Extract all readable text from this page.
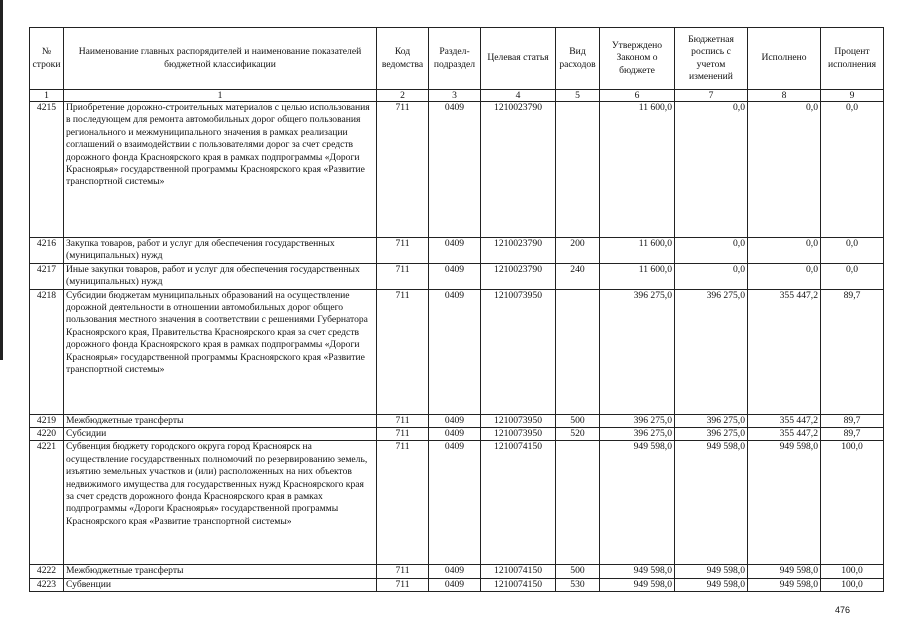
№ строки	Наименование главных распорядителей и наименование показателей бюджетной классификации	Код ведомства	Раздел-подраздел	Целевая статья	Вид расходов	Утверждено Законом о бюджете	Бюджетная роспись с учетом изменений	Исполнено	Процент исполнения
1	1	2	3	4	5	6	7	8	9
4215	Приобретение дорожно-строительных материалов с целью использования в последующем для ремонта автомобильных дорог общего пользования регионального и межмуниципального значения в рамках реализации соглашений о взаимодействии с пользователями дорог за счет средств дорожного фонда Красноярского края в рамках подпрограммы «Дороги Красноярья» государственной программы Красноярского края «Развитие транспортной системы»	711	0409	1210023790		11 600,0	0,0	0,0	0,0
4216	Закупка товаров, работ и услуг для обеспечения государственных (муниципальных) нужд	711	0409	1210023790	200	11 600,0	0,0	0,0	0,0
4217	Иные закупки товаров, работ и услуг для обеспечения государственных (муниципальных) нужд	711	0409	1210023790	240	11 600,0	0,0	0,0	0,0
4218	Субсидии бюджетам муниципальных образований на осуществление дорожной деятельности в отношении автомобильных дорог общего пользования местного значения в соответствии с решениями Губернатора Красноярского края, Правительства Красноярского края за счет средств дорожного фонда Красноярского края в рамках подпрограммы «Дороги Красноярья» государственной программы Красноярского края «Развитие транспортной системы»	711	0409	1210073950		396 275,0	396 275,0	355 447,2	89,7
4219	Межбюджетные трансферты	711	0409	1210073950	500	396 275,0	396 275,0	355 447,2	89,7
4220	Субсидии	711	0409	1210073950	520	396 275,0	396 275,0	355 447,2	89,7
4221	Субвенция бюджету городского округа город Красноярск на осуществление государственных полномочий по резервированию земель, изъятию земельных участков и (или) расположенных на них объектов недвижимого имущества для государственных нужд Красноярского края за счет средств дорожного фонда Красноярского края в рамках подпрограммы «Дороги Красноярья» государственной программы Красноярского края «Развитие транспортной системы»	711	0409	1210074150		949 598,0	949 598,0	949 598,0	100,0
4222	Межбюджетные трансферты	711	0409	1210074150	500	949 598,0	949 598,0	949 598,0	100,0
4223	Субвенции	711	0409	1210074150	530	949 598,0	949 598,0	949 598,0	100,0
476
